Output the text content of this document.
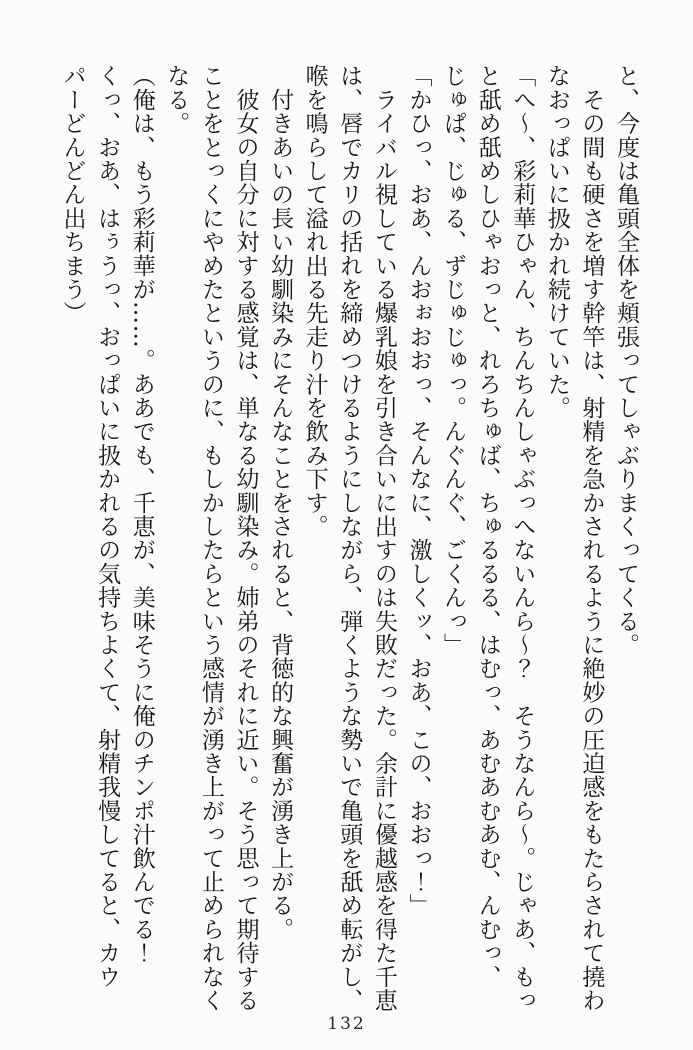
と、今度は亀頭全体を頬張ってしゃぶりまくってくる。

　その間も硬さを増す幹竿は、射精を急かされるように絶妙の圧迫感をもたらされて撓わなおっぱいに扱かれ続けていた。

「へ〜、彩莉華ひゃん、ちんちんしゃぶっへないんら〜？　そうなんら〜。じゃあ、もっと舐め舐めしひゃおっと、れろちゅば、ちゅるるる、はむっ、あむあむあむ、んむっ、じゅぱ、じゅる、ずじゅじゅっ。んぐんぐ、ごくんっ」

「かひっ、おあ、んおぉおおっ、そんなに、激しくッ、おあ、この、おおっ！」

　ライバル視している爆乳娘を引き合いに出すのは失敗だった。余計に優越感を得た千恵は、唇でカリの括れを締めつけるようにしながら、弾くような勢いで亀頭を舐め転がし、喉を鳴らして溢れ出る先走り汁を飲み下す。

　付きあいの長い幼馴染みにそんなことをされると、背徳的な興奮が湧き上がる。

　彼女の自分に対する感覚は、単なる幼馴染み。姉弟のそれに近い。そう思って期待することをとっくにやめたというのに、もしかしたらという感情が湧き上がって止められなくなる。

（俺は、もう彩莉華が……。ああでも、千恵が、美味そうに俺のチンポ汁飲んでる！　くっ、おあ、はぅうっ、おっぱいに扱かれるの気持ちよくて、射精我慢してると、カウパーどんどん出ちまう）

132
